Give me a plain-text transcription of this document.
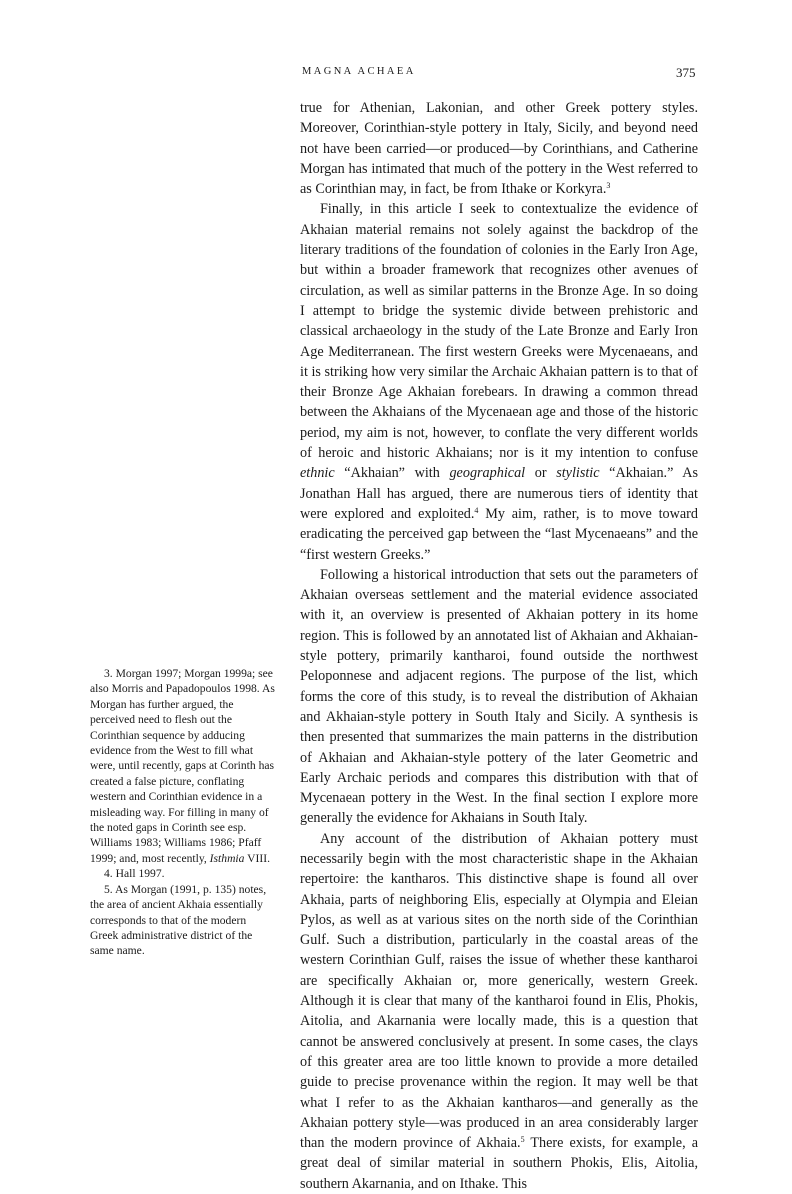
MAGNA ACHAEA	375

true for Athenian, Lakonian, and other Greek pottery styles. Moreover, Corinthian-style pottery in Italy, Sicily, and beyond need not have been carried—or produced—by Corinthians, and Catherine Morgan has intimated that much of the pottery in the West referred to as Corinthian may, in fact, be from Ithake or Korkyra.$^3$

Finally, in this article I seek to contextualize the evidence of Akhaian material remains not solely against the backdrop of the literary traditions of the foundation of colonies in the Early Iron Age, but within a broader framework that recognizes other avenues of circulation, as well as similar patterns in the Bronze Age. In so doing I attempt to bridge the systemic divide between prehistoric and classical archaeology in the study of the Late Bronze and Early Iron Age Mediterranean. The first western Greeks were Mycenaeans, and it is striking how very similar the Archaic Akhaian pattern is to that of their Bronze Age Akhaian forebears. In drawing a common thread between the Akhaians of the Mycenaean age and those of the historic period, my aim is not, however, to conflate the very different worlds of heroic and historic Akhaians; nor is it my intention to confuse ethnic “Akhaian” with geographical or stylistic “Akhaian.” As Jonathan Hall has argued, there are numerous tiers of identity that were explored and exploited.$^4$ My aim, rather, is to move toward eradicating the perceived gap between the “last Mycenaeans” and the “first western Greeks.”

Following a historical introduction that sets out the parameters of Akhaian overseas settlement and the material evidence associated with it, an overview is presented of Akhaian pottery in its home region. This is followed by an annotated list of Akhaian and Akhaian-style pottery, primarily kantharoi, found outside the northwest Peloponnese and adjacent regions. The purpose of the list, which forms the core of this study, is to reveal the distribution of Akhaian and Akhaian-style pottery in South Italy and Sicily. A synthesis is then presented that summarizes the main patterns in the distribution of Akhaian and Akhaian-style pottery of the later Geometric and Early Archaic periods and compares this distribution with that of Mycenaean pottery in the West. In the final section I explore more generally the evidence for Akhaians in South Italy.

Any account of the distribution of Akhaian pottery must necessarily begin with the most characteristic shape in the Akhaian repertoire: the kantharos. This distinctive shape is found all over Akhaia, parts of neighboring Elis, especially at Olympia and Eleian Pylos, as well as at various sites on the north side of the Corinthian Gulf. Such a distribution, particularly in the coastal areas of the western Corinthian Gulf, raises the issue of whether these kantharoi are specifically Akhaian or, more generically, western Greek. Although it is clear that many of the kantharoi found in Elis, Phokis, Aitolia, and Akarnania were locally made, this is a question that cannot be answered conclusively at present. In some cases, the clays of this greater area are too little known to provide a more detailed guide to precise provenance within the region. It may well be that what I refer to as the Akhaian kantharos—and generally as the Akhaian pottery style—was produced in an area considerably larger than the modern province of Akhaia.$^5$ There exists, for example, a great deal of similar material in southern Phokis, Elis, Aitolia, southern Akarnania, and on Ithake. This

3. Morgan 1997; Morgan 1999a; see also Morris and Papadopoulos 1998. As Morgan has further argued, the perceived need to flesh out the Corinthian sequence by adducing evidence from the West to fill what were, until recently, gaps at Corinth has created a false picture, conflating western and Corinthian evidence in a misleading way. For filling in many of the noted gaps in Corinth see esp. Williams 1983; Williams 1986; Pfaff 1999; and, most recently, Isthmia VIII.

4. Hall 1997.

5. As Morgan (1991, p. 135) notes, the area of ancient Akhaia essentially corresponds to that of the modern Greek administrative district of the same name.
